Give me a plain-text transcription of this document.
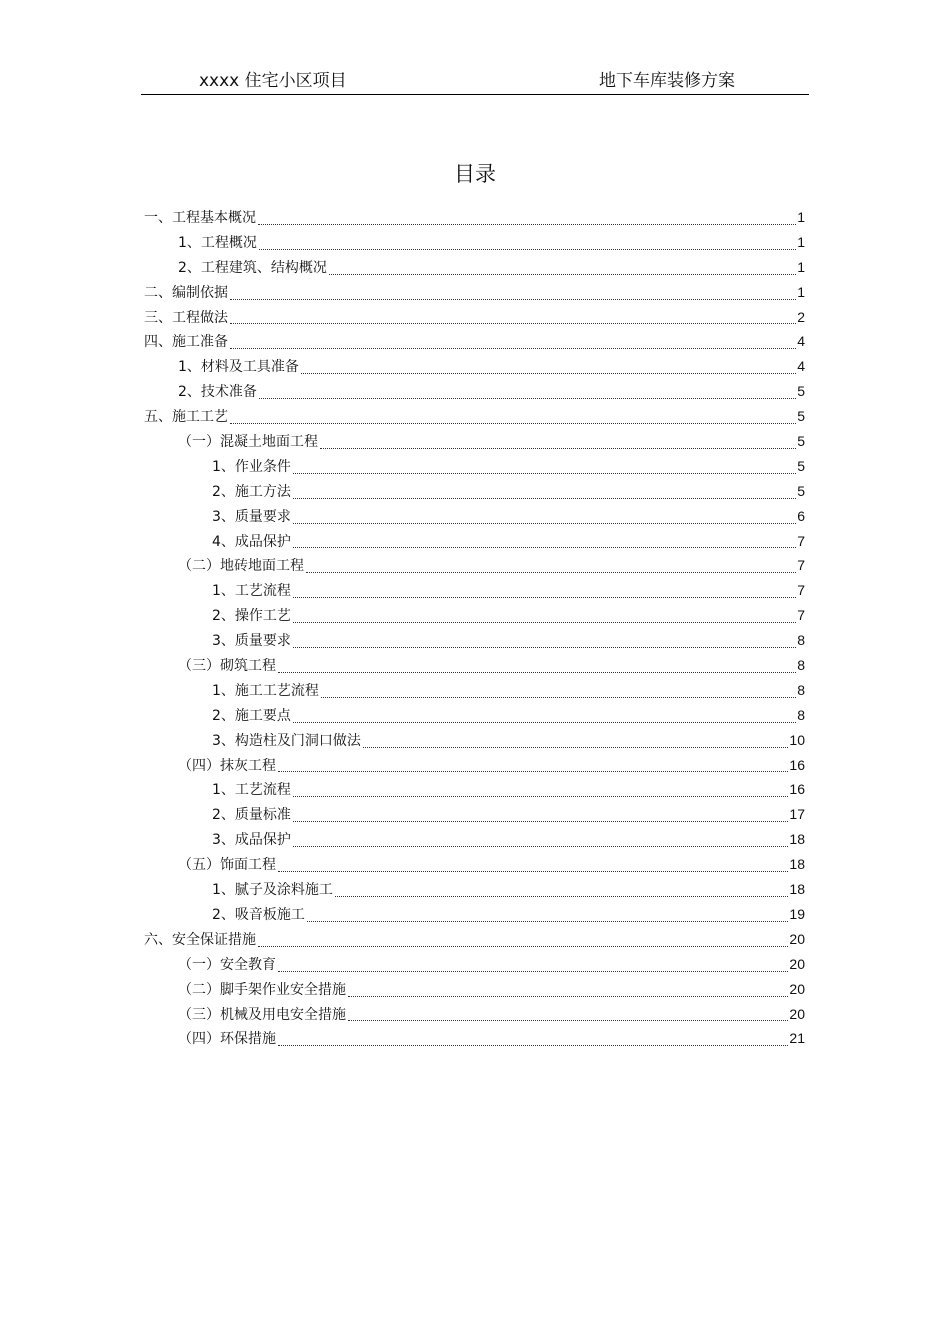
xxxx 住宅小区项目	地下车库装修方案
目录
一、工程基本概况	1
1、工程概况	1
2、工程建筑、结构概况	1
二、编制依据	1
三、工程做法	2
四、施工准备	4
1、材料及工具准备	4
2、技术准备	5
五、施工工艺	5
（一）混凝土地面工程	5
1、作业条件	5
2、施工方法	5
3、质量要求	6
4、成品保护	7
（二）地砖地面工程	7
1、工艺流程	7
2、操作工艺	7
3、质量要求	8
（三）砌筑工程	8
1、施工工艺流程	8
2、施工要点	8
3、构造柱及门洞口做法	10
（四）抹灰工程	16
1、工艺流程	16
2、质量标准	17
3、成品保护	18
（五）饰面工程	18
1、腻子及涂料施工	18
2、吸音板施工	19
六、安全保证措施	20
（一）安全教育	20
（二）脚手架作业安全措施	20
（三）机械及用电安全措施	20
（四）环保措施	21
